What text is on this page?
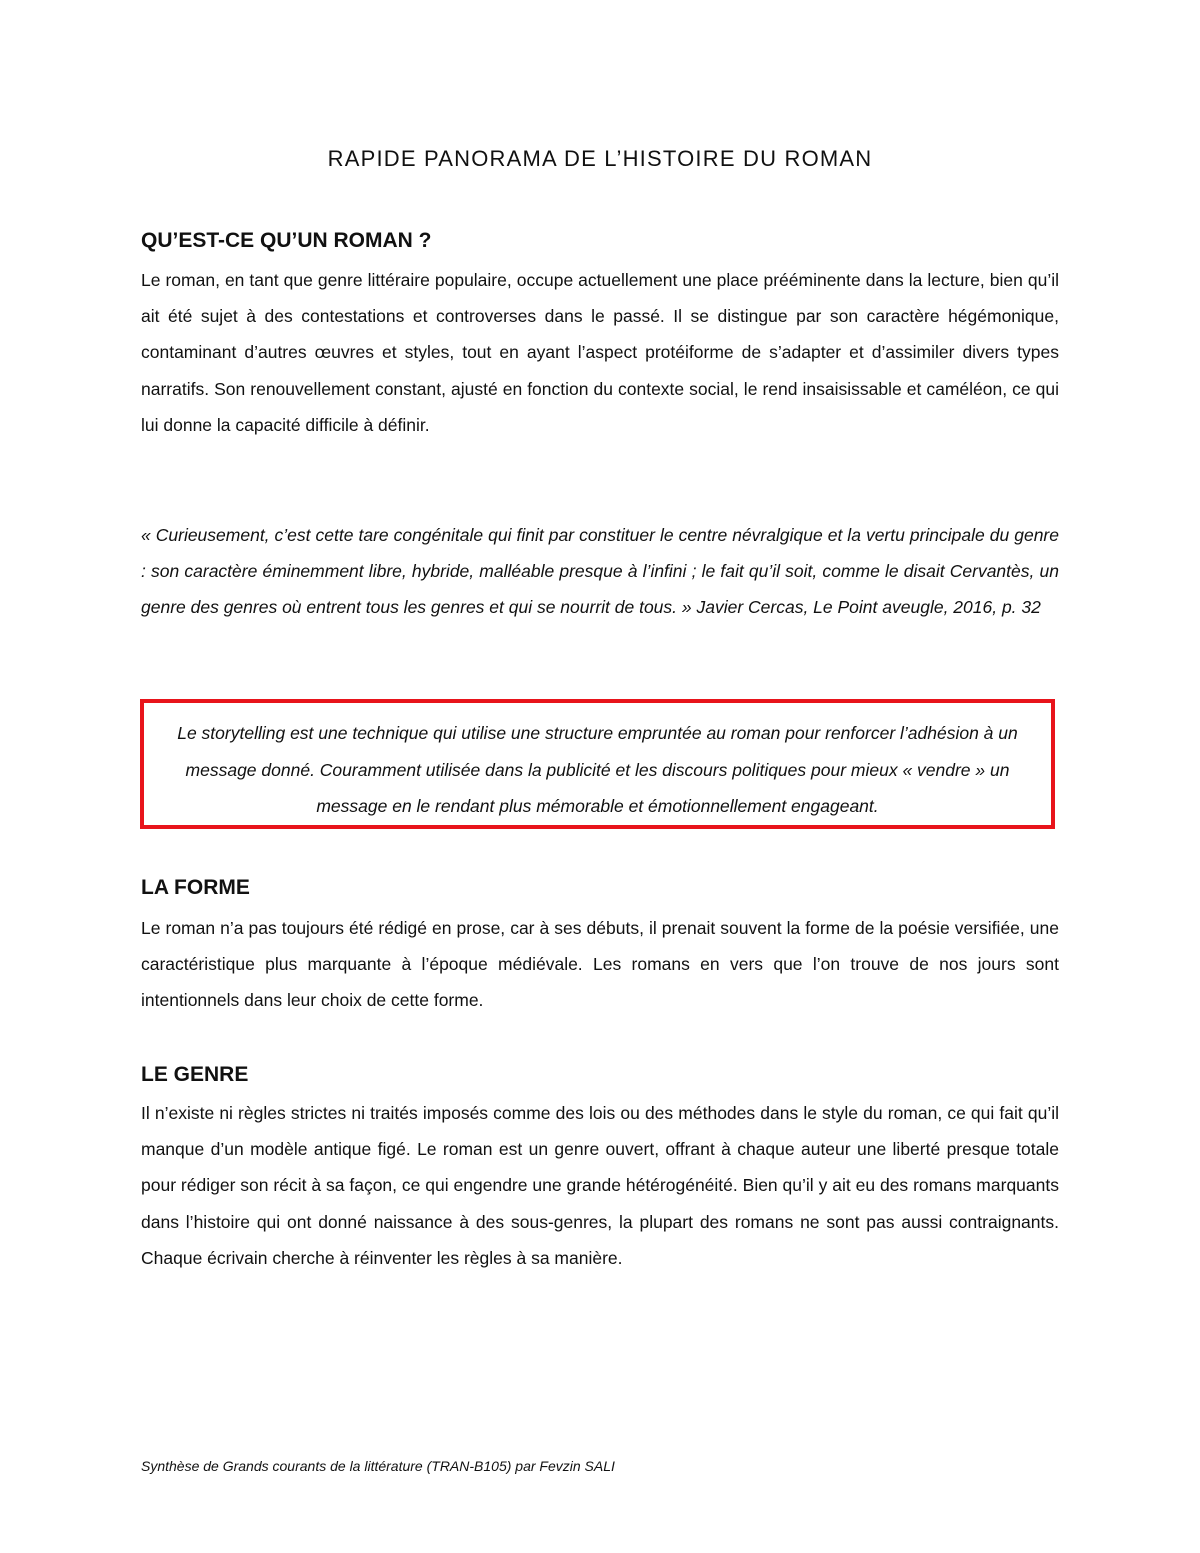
RAPIDE PANORAMA DE L’HISTOIRE DU ROMAN
QU’EST-CE QU’UN ROMAN ?
Le roman, en tant que genre littéraire populaire, occupe actuellement une place prééminente dans la lecture, bien qu’il ait été sujet à des contestations et controverses dans le passé. Il se distingue par son caractère hégémonique, contaminant d’autres œuvres et styles, tout en ayant l’aspect protéiforme de s’adapter et d’assimiler divers types narratifs. Son renouvellement constant, ajusté en fonction du contexte social, le rend insaisissable et caméléon, ce qui lui donne la capacité difficile à définir.
« Curieusement, c’est cette tare congénitale qui finit par constituer le centre névralgique et la vertu principale du genre : son caractère éminemment libre, hybride, malléable presque à l’infini ; le fait qu’il soit, comme le disait Cervantès, un genre des genres où entrent tous les genres et qui se nourrit de tous. » Javier Cercas, Le Point aveugle, 2016, p. 32
Le storytelling est une technique qui utilise une structure empruntée au roman pour renforcer l’adhésion à un message donné. Couramment utilisée dans la publicité et les discours politiques pour mieux « vendre » un message en le rendant plus mémorable et émotionnellement engageant.
LA FORME
Le roman n’a pas toujours été rédigé en prose, car à ses débuts, il prenait souvent la forme de la poésie versifiée, une caractéristique plus marquante à l’époque médiévale. Les romans en vers que l’on trouve de nos jours sont intentionnels dans leur choix de cette forme.
LE GENRE
Il n’existe ni règles strictes ni traités imposés comme des lois ou des méthodes dans le style du roman, ce qui fait qu’il manque d’un modèle antique figé. Le roman est un genre ouvert, offrant à chaque auteur une liberté presque totale pour rédiger son récit à sa façon, ce qui engendre une grande hétérogénéité. Bien qu’il y ait eu des romans marquants dans l’histoire qui ont donné naissance à des sous-genres, la plupart des romans ne sont pas aussi contraignants. Chaque écrivain cherche à réinventer les règles à sa manière.
Synthèse de Grands courants de la littérature (TRAN-B105) par Fevzin SALI
